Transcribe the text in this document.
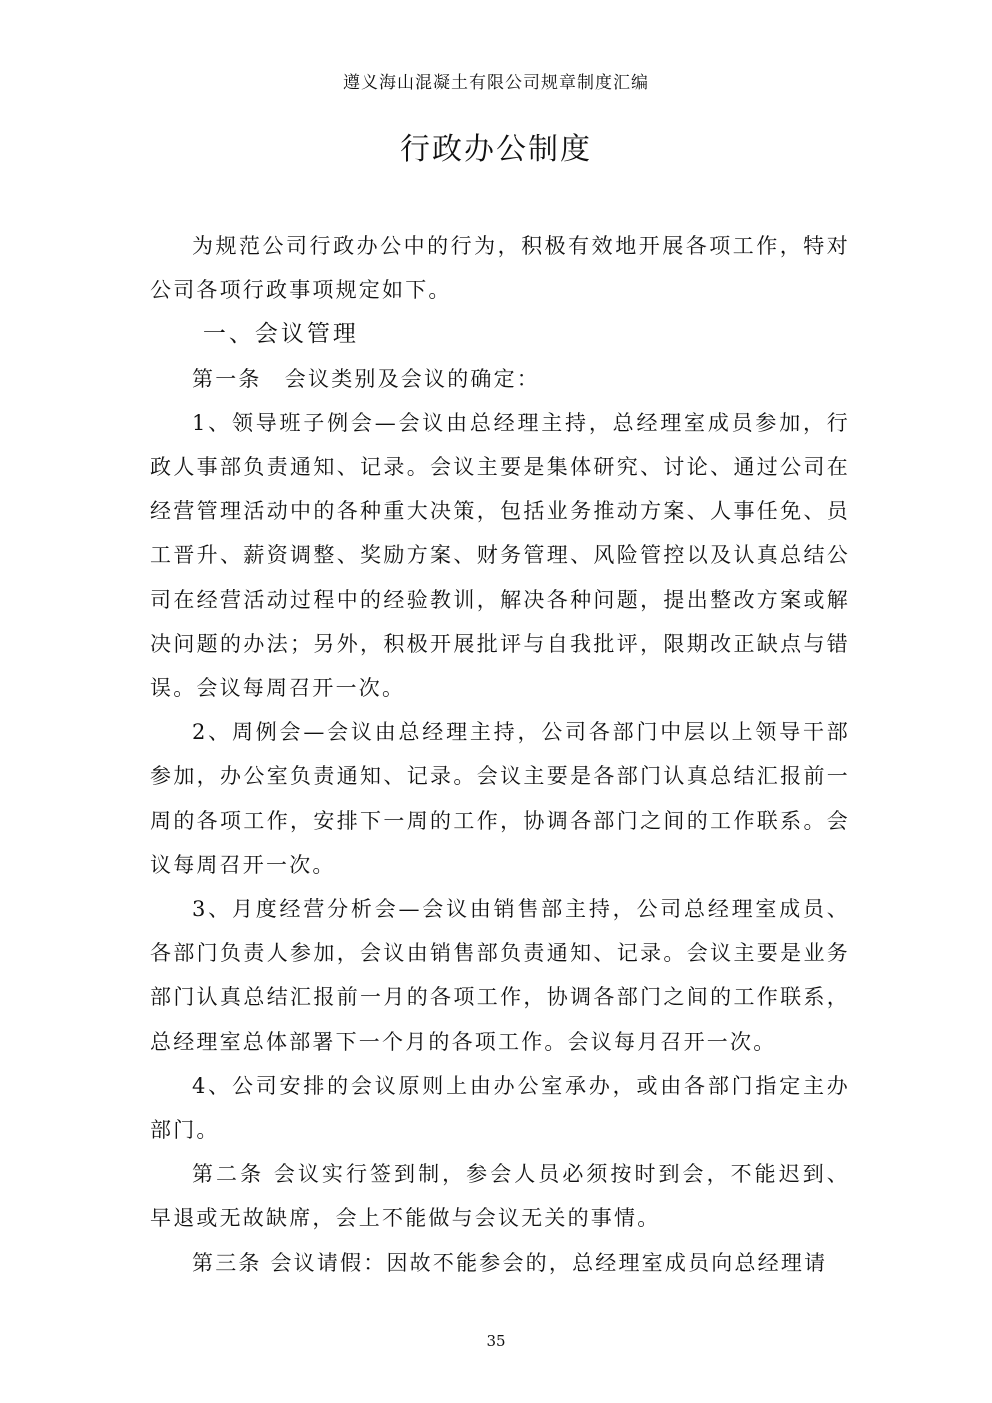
遵义海山混凝土有限公司规章制度汇编
行政办公制度

为规范公司行政办公中的行为，积极有效地开展各项工作，特对公司各项行政事项规定如下。

一、会议管理

第一条　会议类别及会议的确定：

1、领导班子例会—会议由总经理主持，总经理室成员参加，行政人事部负责通知、记录。会议主要是集体研究、讨论、通过公司在经营管理活动中的各种重大决策，包括业务推动方案、人事任免、员工晋升、薪资调整、奖励方案、财务管理、风险管控以及认真总结公司在经营活动过程中的经验教训，解决各种问题，提出整改方案或解决问题的办法；另外，积极开展批评与自我批评，限期改正缺点与错误。会议每周召开一次。

2、周例会—会议由总经理主持，公司各部门中层以上领导干部参加，办公室负责通知、记录。会议主要是各部门认真总结汇报前一周的各项工作，安排下一周的工作，协调各部门之间的工作联系。会议每周召开一次。

3、月度经营分析会—会议由销售部主持，公司总经理室成员、各部门负责人参加，会议由销售部负责通知、记录。会议主要是业务部门认真总结汇报前一月的各项工作，协调各部门之间的工作联系，总经理室总体部署下一个月的各项工作。会议每月召开一次。

4、公司安排的会议原则上由办公室承办，或由各部门指定主办部门。

第二条 会议实行签到制，参会人员必须按时到会，不能迟到、早退或无故缺席，会上不能做与会议无关的事情。

第三条 会议请假：因故不能参会的，总经理室成员向总经理请

35
